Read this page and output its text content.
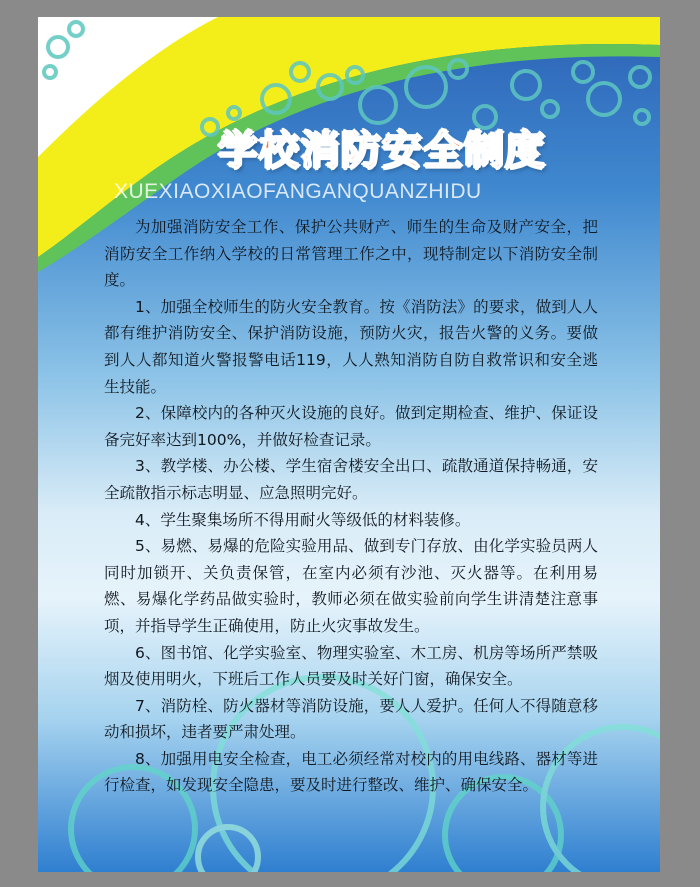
学校消防安全制度
XUEXIAOXIAOFANGANQUANZHIDU

为加强消防安全工作、保护公共财产、师生的生命及财产安全，把消防安全工作纳入学校的日常管理工作之中，现特制定以下消防安全制度。

1、加强全校师生的防火安全教育。按《消防法》的要求，做到人人都有维护消防安全、保护消防设施，预防火灾，报告火警的义务。要做到人人都知道火警报警电话119，人人熟知消防自防自救常识和安全逃生技能。

2、保障校内的各种灭火设施的良好。做到定期检查、维护、保证设备完好率达到100%，并做好检查记录。

3、教学楼、办公楼、学生宿舍楼安全出口、疏散通道保持畅通，安全疏散指示标志明显、应急照明完好。

4、学生聚集场所不得用耐火等级低的材料装修。

5、易燃、易爆的危险实验用品、做到专门存放、由化学实验员两人同时加锁开、关负责保管，在室内必须有沙池、灭火器等。在利用易燃、易爆化学药品做实验时，教师必须在做实验前向学生讲清楚注意事项，并指导学生正确使用，防止火灾事故发生。

6、图书馆、化学实验室、物理实验室、木工房、机房等场所严禁吸烟及使用明火，下班后工作人员要及时关好门窗，确保安全。

7、消防栓、防火器材等消防设施，要人人爱护。任何人不得随意移动和损坏，违者要严肃处理。

8、加强用电安全检查，电工必须经常对校内的用电线路、器材等进行检查，如发现安全隐患，要及时进行整改、维护、确保安全。
